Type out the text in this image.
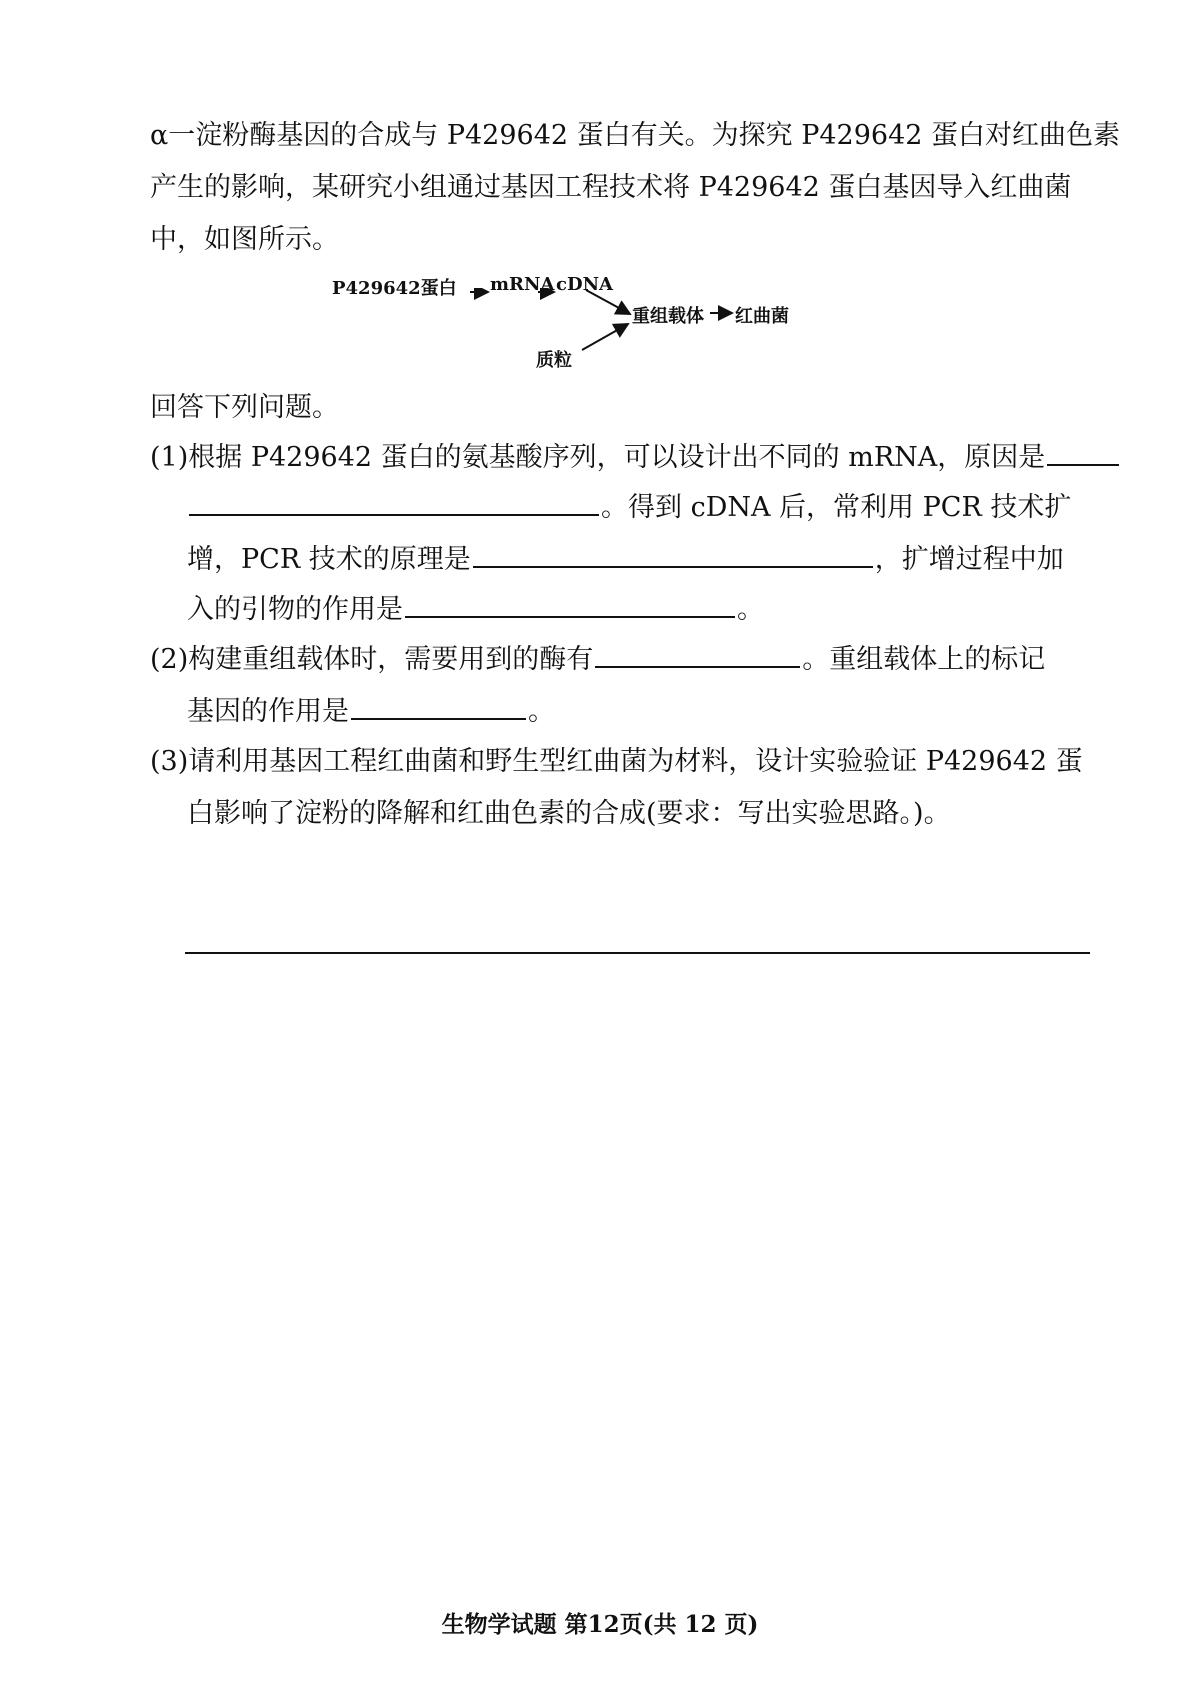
α一淀粉酶基因的合成与 P429642 蛋白有关。为探究 P429642 蛋白对红曲色素

产生的影响，某研究小组通过基因工程技术将 P429642 蛋白基因导入红曲菌

中，如图所示。

P429642蛋白 mRNA cDNA
重组载体 红曲菌
质粒

回答下列问题。

(1)根据 P429642 蛋白的氨基酸序列，可以设计出不同的 mRNA，原因是

。得到 cDNA 后，常利用 PCR 技术扩

增，PCR 技术的原理是	，扩增过程中加

入的引物的作用是	。

(2)构建重组载体时，需要用到的酶有	。重组载体上的标记

基因的作用是	。

(3)请利用基因工程红曲菌和野生型红曲菌为材料，设计实验验证 P429642 蛋

白影响了淀粉的降解和红曲色素的合成(要求：写出实验思路。)。

生物学试题 第12页(共 12 页)
